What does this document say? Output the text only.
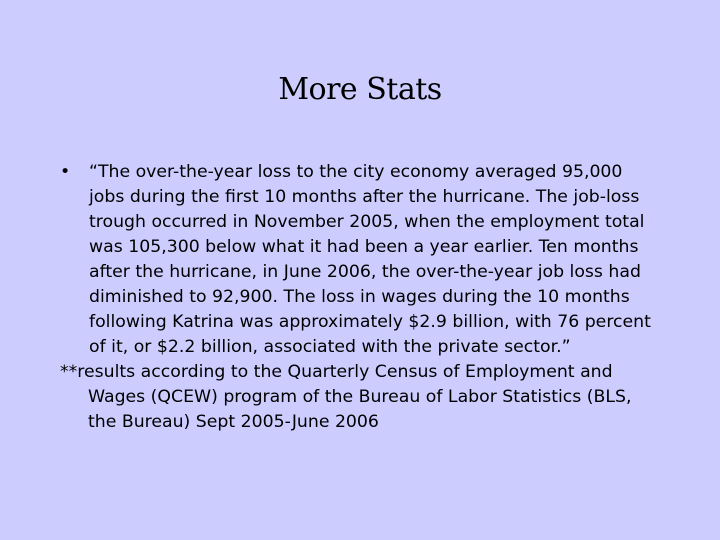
More Stats

•	“The over-the-year loss to the city economy averaged 95,000 jobs during the first 10 months after the hurricane. The job-loss trough occurred in November 2005, when the employment total was 105,300 below what it had been a year earlier. Ten months after the hurricane, in June 2006, the over-the-year job loss had diminished to 92,900. The loss in wages during the 10 months following Katrina was approximately $2.9 billion, with 76 percent of it, or $2.2 billion, associated with the private sector.”

**results according to the Quarterly Census of Employment and Wages (QCEW) program of the Bureau of Labor Statistics (BLS, the Bureau) Sept 2005-June 2006
